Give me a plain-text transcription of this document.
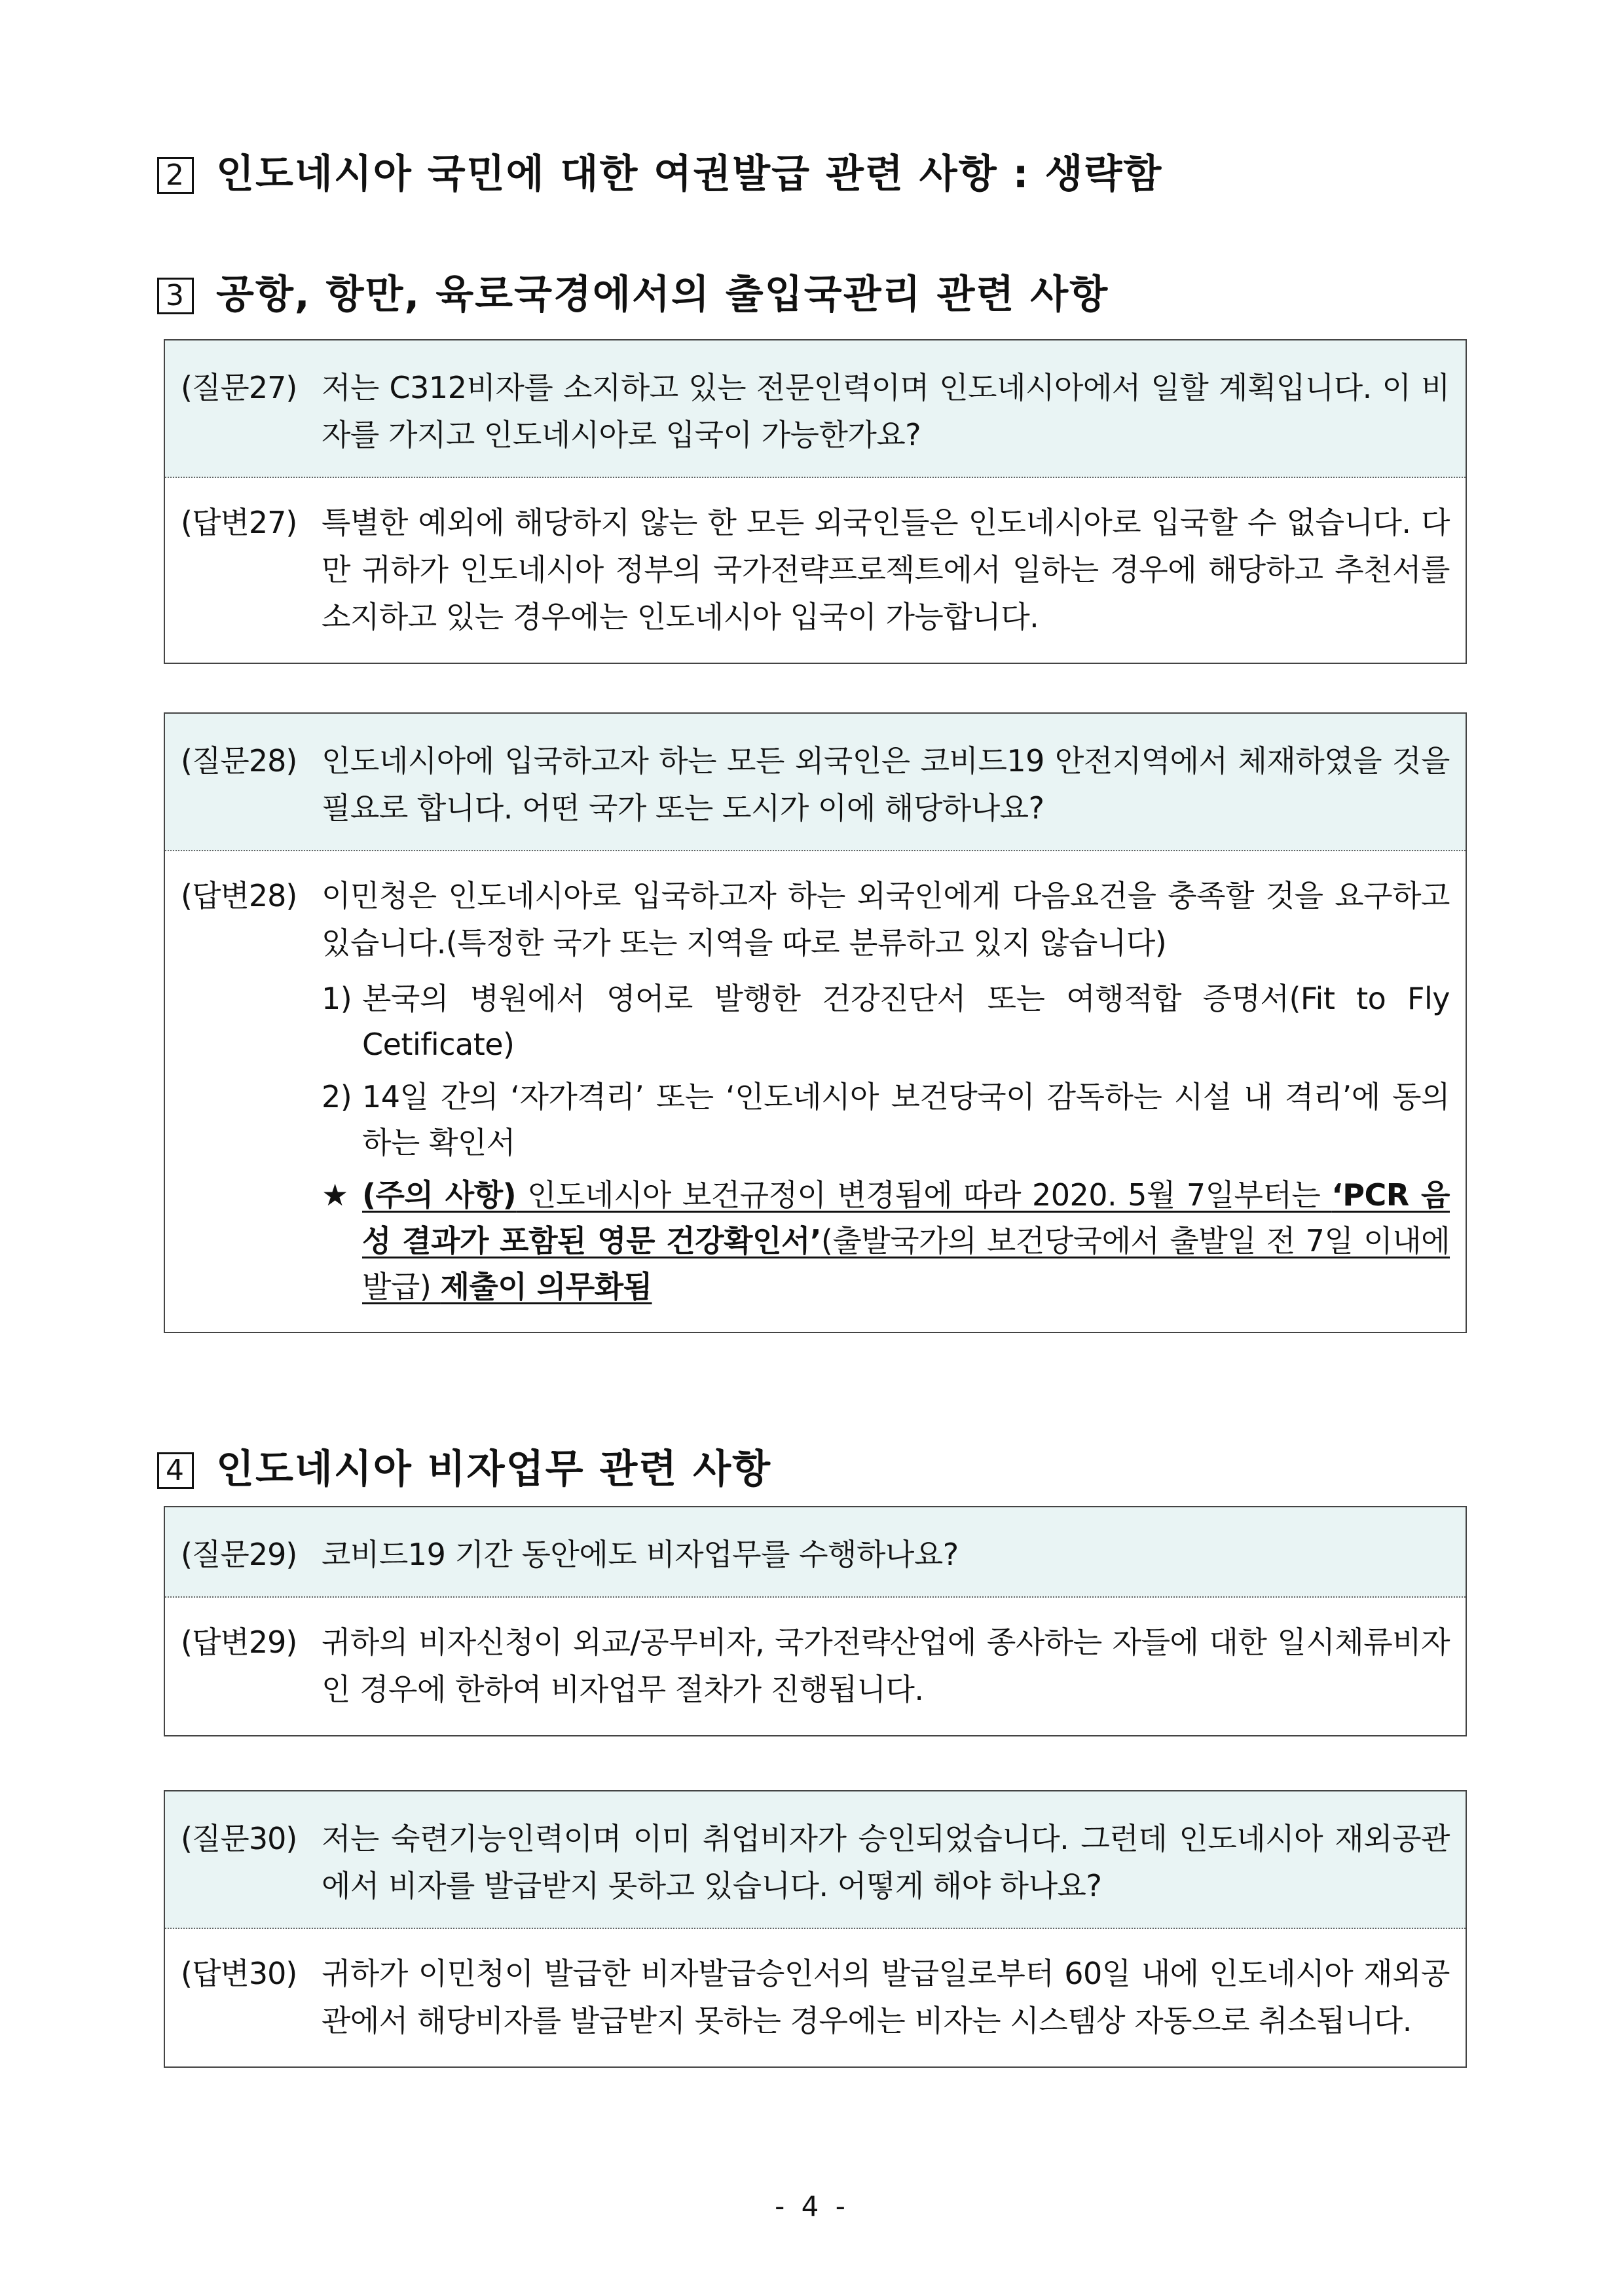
2 인도네시아 국민에 대한 여권발급 관련 사항 : 생략함
3 공항, 항만, 육로국경에서의 출입국관리 관련 사항
(질문27) 저는 C312비자를 소지하고 있는 전문인력이며 인도네시아에서 일할 계획입니다. 이 비자를 가지고 인도네시아로 입국이 가능한가요?
(답변27) 특별한 예외에 해당하지 않는 한 모든 외국인들은 인도네시아로 입국할 수 없습니다. 다만 귀하가 인도네시아 정부의 국가전략프로젝트에서 일하는 경우에 해당하고 추천서를 소지하고 있는 경우에는 인도네시아 입국이 가능합니다.
(질문28) 인도네시아에 입국하고자 하는 모든 외국인은 코비드19 안전지역에서 체재하였을 것을 필요로 합니다. 어떤 국가 또는 도시가 이에 해당하나요?
(답변28) 이민청은 인도네시아로 입국하고자 하는 외국인에게 다음요건을 충족할 것을 요구하고 있습니다.(특정한 국가 또는 지역을 따로 분류하고 있지 않습니다)
1) 본국의 병원에서 영어로 발행한 건강진단서 또는 여행적합 증명서(Fit to Fly Cetificate)
2) 14일 간의 ‘자가격리’ 또는 ‘인도네시아 보건당국이 감독하는 시설 내 격리’에 동의하는 확인서
★ (주의 사항) 인도네시아 보건규정이 변경됨에 따라 2020. 5월 7일부터는 ‘PCR 음성 결과가 포함된 영문 건강확인서’(출발국가의 보건당국에서 출발일 전 7일 이내에 발급) 제출이 의무화됨
4 인도네시아 비자업무 관련 사항
(질문29) 코비드19 기간 동안에도 비자업무를 수행하나요?
(답변29) 귀하의 비자신청이 외교/공무비자, 국가전략산업에 종사하는 자들에 대한 일시체류비자인 경우에 한하여 비자업무 절차가 진행됩니다.
(질문30) 저는 숙련기능인력이며 이미 취업비자가 승인되었습니다. 그런데 인도네시아 재외공관에서 비자를 발급받지 못하고 있습니다. 어떻게 해야 하나요?
(답변30) 귀하가 이민청이 발급한 비자발급승인서의 발급일로부터 60일 내에 인도네시아 재외공관에서 해당비자를 발급받지 못하는 경우에는 비자는 시스템상 자동으로 취소됩니다.
- 4 -
